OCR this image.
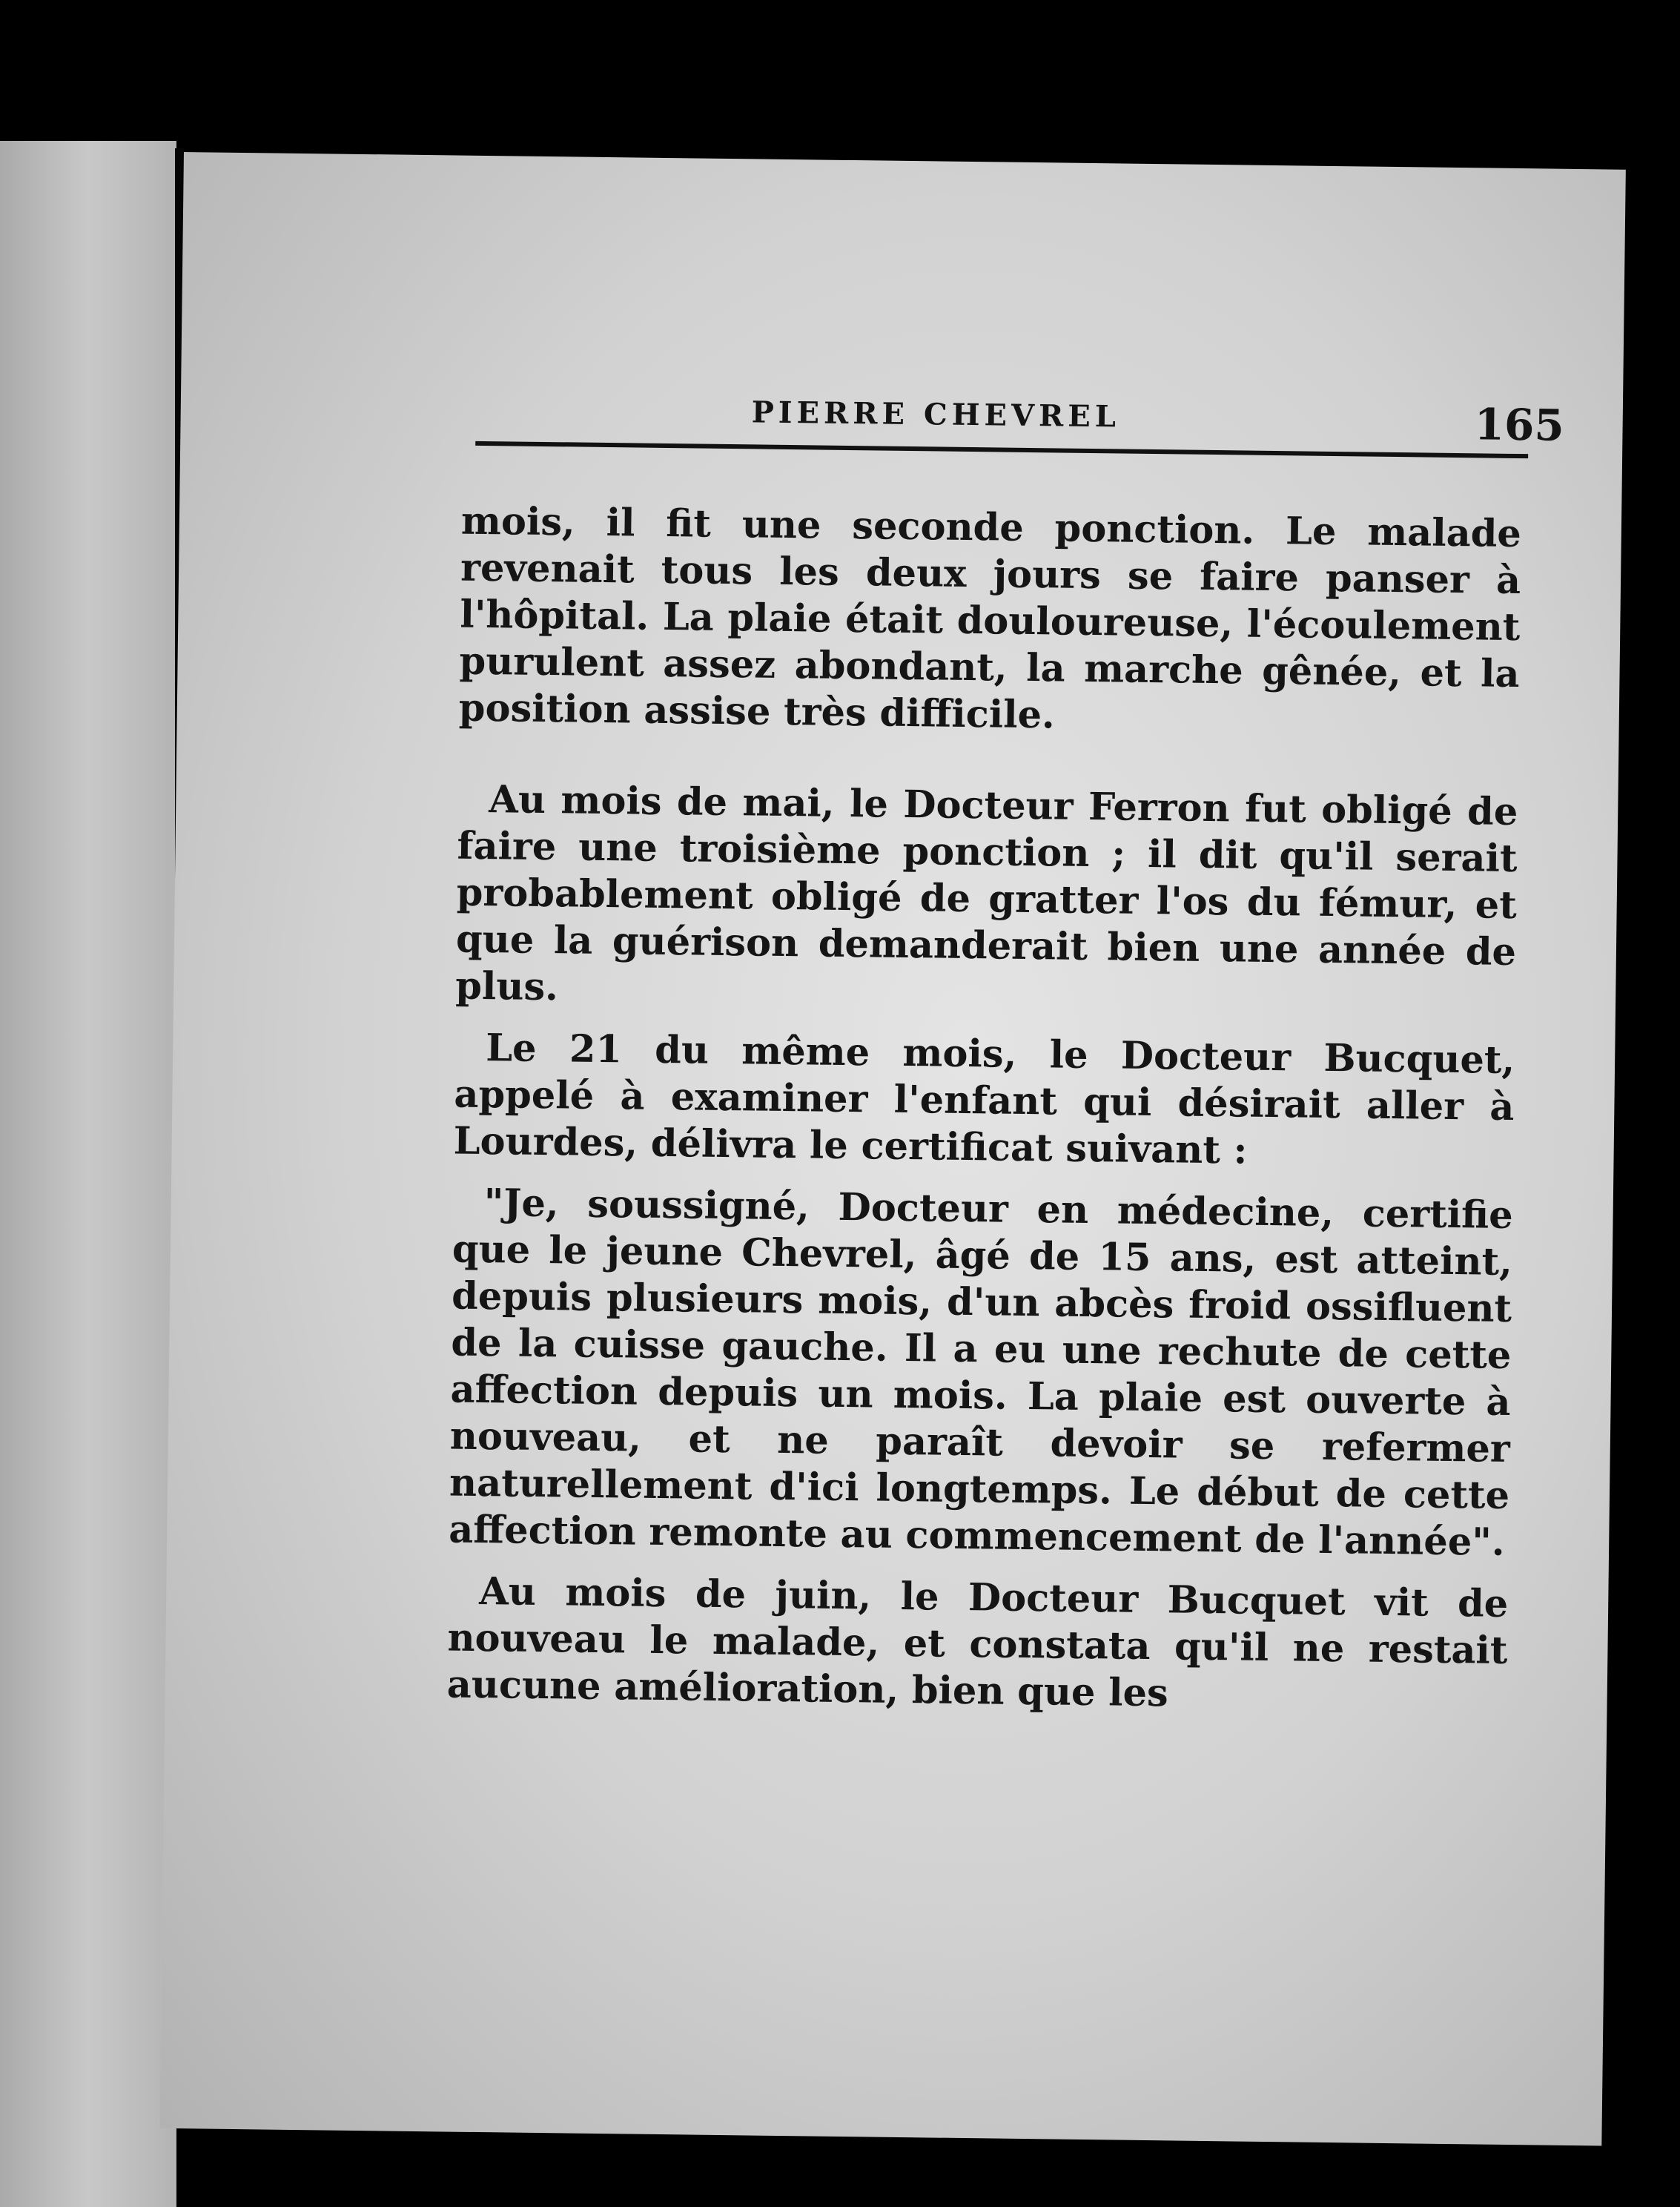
PIERRE CHEVREL	165

mois, il fit une seconde ponction. Le malade revenait tous les deux jours se faire panser à l'hôpital. La plaie était douloureuse, l'écoulement purulent assez abondant, la marche gênée, et la position assise très difficile.

Au mois de mai, le Docteur Ferron fut obligé de faire une troisième ponction ; il dit qu'il serait probablement obligé de gratter l'os du fémur, et que la guérison demanderait bien une année de plus.

Le 21 du même mois, le Docteur Bucquet, appelé à examiner l'enfant qui désirait aller à Lourdes, délivra le certificat suivant :

"Je, soussigné, Docteur en médecine, certifie que le jeune Chevrel, âgé de 15 ans, est atteint, depuis plusieurs mois, d'un abcès froid ossifluent de la cuisse gauche. Il a eu une rechute de cette affection depuis un mois. La plaie est ouverte à nouveau, et ne paraît devoir se refermer naturellement d'ici longtemps. Le début de cette affection remonte au commencement de l'année".

Au mois de juin, le Docteur Bucquet vit de nouveau le malade, et constata qu'il ne restait aucune amélioration, bien que les
